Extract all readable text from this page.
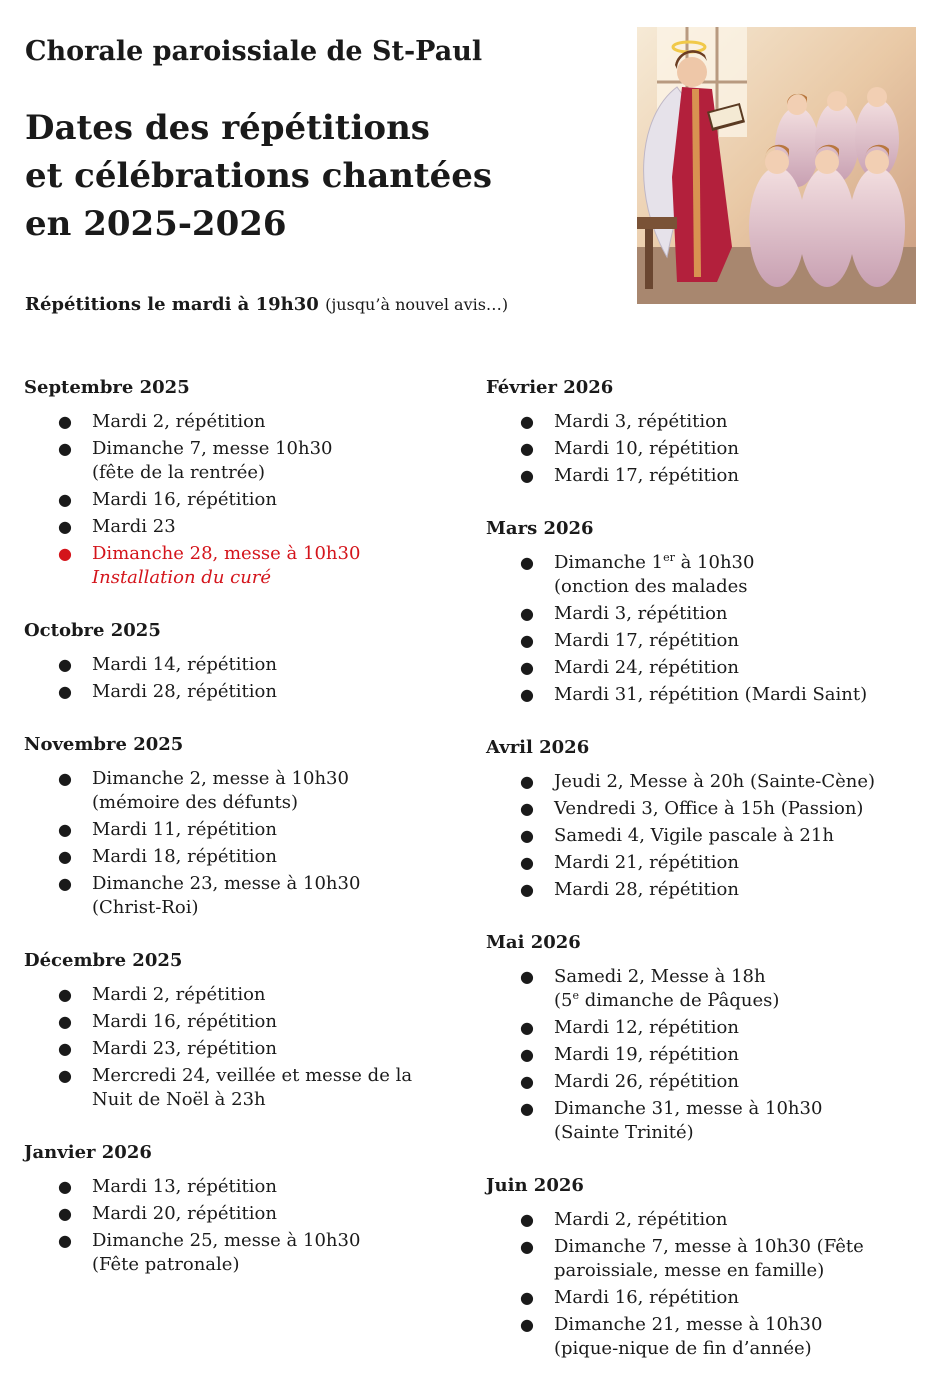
Chorale paroissiale de St-Paul
Dates des répétitions
et célébrations chantées
en 2025-2026
Répétitions le mardi à 19h30 (jusqu’à nouvel avis…)
Septembre 2025
● Mardi 2, répétition
● Dimanche 7, messe 10h30
(fête de la rentrée)
● Mardi 16, répétition
● Mardi 23
● Dimanche 28, messe à 10h30
Installation du curé
Octobre 2025
● Mardi 14, répétition
● Mardi 28, répétition
Novembre 2025
● Dimanche 2, messe à 10h30
(mémoire des défunts)
● Mardi 11, répétition
● Mardi 18, répétition
● Dimanche 23, messe à 10h30
(Christ-Roi)
Décembre 2025
● Mardi 2, répétition
● Mardi 16, répétition
● Mardi 23, répétition
● Mercredi 24, veillée et messe de la
Nuit de Noël à 23h
Janvier 2026
● Mardi 13, répétition
● Mardi 20, répétition
● Dimanche 25, messe à 10h30
(Fête patronale)
Février 2026
● Mardi 3, répétition
● Mardi 10, répétition
● Mardi 17, répétition
Mars 2026
● Dimanche 1er à 10h30
(onction des malades
● Mardi 3, répétition
● Mardi 17, répétition
● Mardi 24, répétition
● Mardi 31, répétition (Mardi Saint)
Avril 2026
● Jeudi 2, Messe à 20h (Sainte-Cène)
● Vendredi 3, Office à 15h (Passion)
● Samedi 4, Vigile pascale à 21h
● Mardi 21, répétition
● Mardi 28, répétition
Mai 2026
● Samedi 2, Messe à 18h
(5e dimanche de Pâques)
● Mardi 12, répétition
● Mardi 19, répétition
● Mardi 26, répétition
● Dimanche 31, messe à 10h30
(Sainte Trinité)
Juin 2026
● Mardi 2, répétition
● Dimanche 7, messe à 10h30 (Fête
paroissiale, messe en famille)
● Mardi 16, répétition
● Dimanche 21, messe à 10h30
(pique-nique de fin d’année)
